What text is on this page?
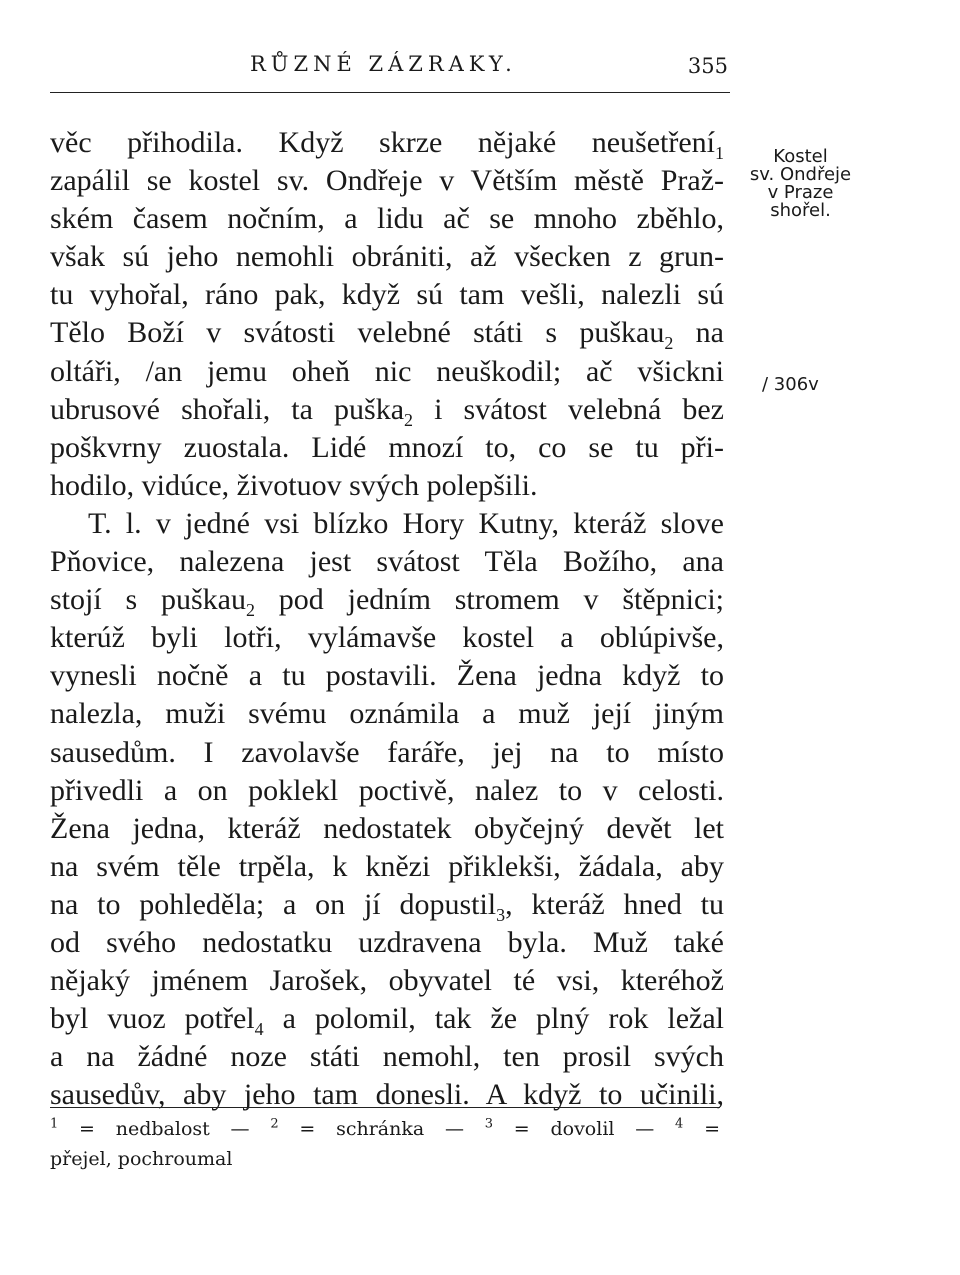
RŮZNÉ ZÁZRAKY.	355
věc přihodila. Když skrze nějaké neušetření$_1$
zapálil se kostel sv. Ondřeje v Větším městě Praž-
ském časem nočním, a lidu ač se mnoho zběhlo,
však sú jeho nemohli obrániti, až všecken z grun-
tu vyhořal, ráno pak, když sú tam vešli, nalezli sú
Tělo Boží v svátosti velebné státi s puškau$_2$ na
oltáři, /an jemu oheň nic neuškodil; ač všickni
ubrusové shořali, ta puška$_2$ i svátost velebná bez
poškvrny zuostala. Lidé mnozí to, co se tu při-
hodilo, vidúce, životuov svých polepšili.
T. l. v jedné vsi blízko Hory Kutny, kteráž slove
Pňovice, nalezena jest svátost Těla Božího, ana
stojí s puškau$_2$ pod jedním stromem v štěpnici;
kterúž byli lotři, vylámavše kostel a oblúpivše,
vynesli nočně a tu postavili. Žena jedna když to
nalezla, muži svému oznámila a muž její jiným
sausedům. I zavolavše faráře, jej na to místo
přivedli a on poklekl poctivě, nalez to v celosti.
Žena jedna, kteráž nedostatek obyčejný devět let
na svém těle trpěla, k knězi přiklekši, žádala, aby
na to pohleděla; a on jí dopustil$_3$, kteráž hned tu
od svého nedostatku uzdravena byla. Muž také
nějaký jménem Jarošek, obyvatel té vsi, kteréhož
byl vuoz potřel$_4$ a polomil, tak že plný rok ležal
a na žádné noze státi nemohl, ten prosil svých
sausedův, aby jeho tam donesli. A když to učinili,
Kostel
sv. Ondřeje
v Praze
shořel.
/ 306v
$^1$ = nedbalost — $^2$ = schránka — $^3$ = dovolil — $^4$ =
přejel, pochroumal
